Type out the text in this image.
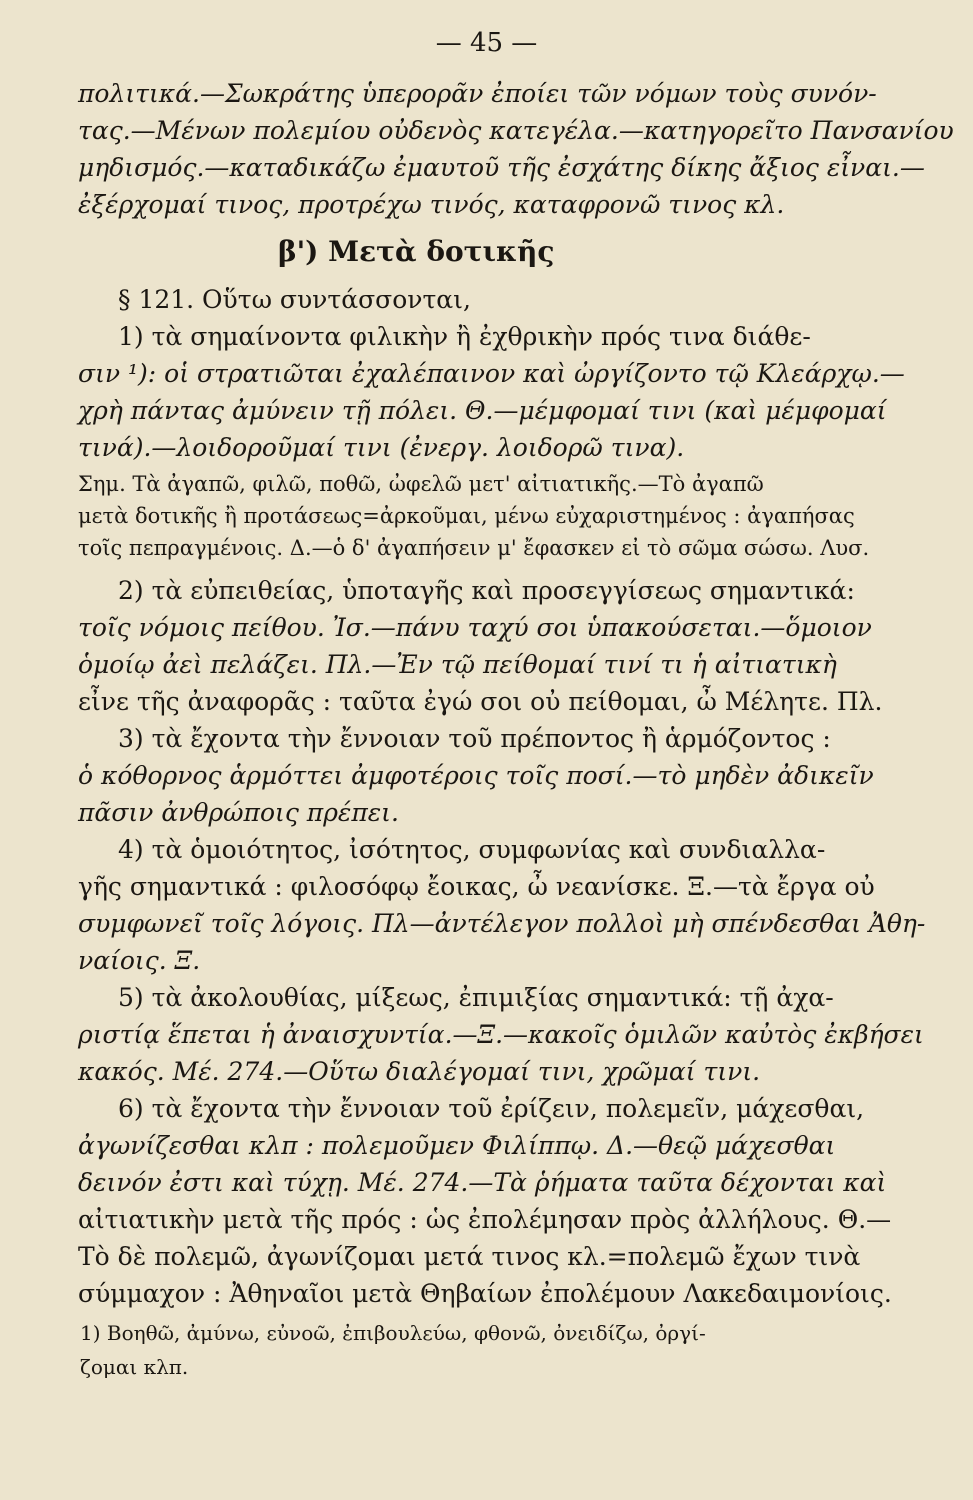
— 45 —
πολιτικά.—Σωκράτης ὑπερορᾶν ἐποίει τῶν νόμων τοὺς συνόν-
τας.—Μένων πολεμίου οὐδενὸς κατεγέλα.—κατηγορεῖτο Πανσανίου
μηδισμός.—καταδικάζω ἐμαυτοῦ τῆς ἐσχάτης δίκης ἄξιος εἶναι.—
ἐξέρχομαί τινος, προτρέχω τινός, καταφρονῶ τινος κλ.
β') Μετὰ δοτικῆς
§ 121. Οὕτω συντάσσονται,
1) τὰ σημαίνοντα φιλικὴν ἢ ἐχθρικὴν πρός τινα διάθε-
σιν ¹): οἱ στρατιῶται ἐχαλέπαινον καὶ ὠργίζοντο τῷ Κλεάρχῳ.—
χρὴ πάντας ἀμύνειν τῇ πόλει. Θ.—μέμφομαί τινι (καὶ μέμφομαί
τινά).—λοιδοροῦμαί τινι (ἐνεργ. λοιδορῶ τινα).
Σημ. Τὰ ἀγαπῶ, φιλῶ, ποθῶ, ὠφελῶ μετ' αἰτιατικῆς.—Τὸ ἀγαπῶ
μετὰ δοτικῆς ἢ προτάσεως=ἀρκοῦμαι, μένω εὐχαριστημένος : ἀγαπήσας
τοῖς πεπραγμένοις. Δ.—ὁ δ' ἀγαπήσειν μ' ἔφασκεν εἰ τὸ σῶμα σώσω. Λυσ.
2) τὰ εὐπειθείας, ὑποταγῆς καὶ προσεγγίσεως σημαντικά:
τοῖς νόμοις πείθου. Ἰσ.—πάνυ ταχύ σοι ὑπακούσεται.—ὅμοιον
ὁμοίῳ ἀεὶ πελάζει. Πλ.—Ἐν τῷ πείθομαί τινί τι ἡ αἰτιατικὴ
εἶνε τῆς ἀναφορᾶς : ταῦτα ἐγώ σοι οὐ πείθομαι, ὦ Μέλητε. Πλ.
3) τὰ ἔχοντα τὴν ἔννοιαν τοῦ πρέποντος ἢ ἁρμόζοντος :
ὁ κόθορνος ἁρμόττει ἀμφοτέροις τοῖς ποσί.—τὸ μηδὲν ἀδικεῖν
πᾶσιν ἀνθρώποις πρέπει.
4) τὰ ὁμοιότητος, ἰσότητος, συμφωνίας καὶ συνδιαλλα-
γῆς σημαντικά : φιλοσόφῳ ἔοικας, ὦ νεανίσκε. Ξ.—τὰ ἔργα οὐ
συμφωνεῖ τοῖς λόγοις. Πλ—ἀντέλεγον πολλοὶ μὴ σπένδεσθαι Ἀθη-
ναίοις. Ξ.
5) τὰ ἀκολουθίας, μίξεως, ἐπιμιξίας σημαντικά: τῇ ἀχα-
ριστίᾳ ἕπεται ἡ ἀναισχυντία.—Ξ.—κακοῖς ὁμιλῶν καὐτὸς ἐκβήσει
κακός. Μέ. 274.—Οὕτω διαλέγομαί τινι, χρῶμαί τινι.
6) τὰ ἔχοντα τὴν ἔννοιαν τοῦ ἐρίζειν, πολεμεῖν, μάχεσθαι,
ἀγωνίζεσθαι κλπ : πολεμοῦμεν Φιλίππῳ. Δ.—θεῷ μάχεσθαι
δεινόν ἐστι καὶ τύχῃ. Μέ. 274.—Τὰ ῥήματα ταῦτα δέχονται καὶ
αἰτιατικὴν μετὰ τῆς πρός : ὡς ἐπολέμησαν πρὸς ἀλλήλους. Θ.—
Τὸ δὲ πολεμῶ, ἀγωνίζομαι μετά τινος κλ.=πολεμῶ ἔχων τινὰ
σύμμαχον : Ἀθηναῖοι μετὰ Θηβαίων ἐπολέμουν Λακεδαιμονίοις.
1) Βοηθῶ, ἀμύνω, εὐνοῶ, ἐπιβουλεύω, φθονῶ, ὀνειδίζω, ὀργί-
ζομαι κλπ.
